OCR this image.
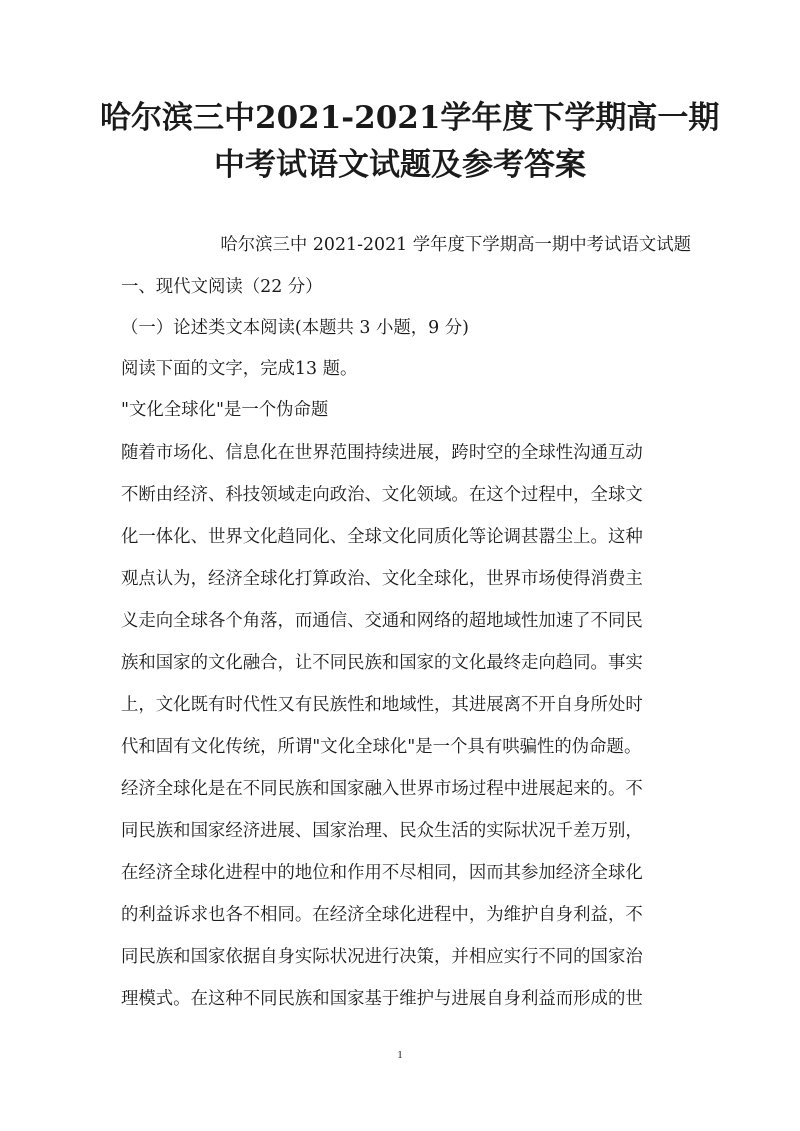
哈尔滨三中2021-2021学年度下学期高一期
中考试语文试题及参考答案

哈尔滨三中 2021-2021 学年度下学期高一期中考试语文试题

一、现代文阅读（22 分）

（一）论述类文本阅读(本题共 3 小题，9 分)

阅读下面的文字，完成13 题。

"文化全球化"是一个伪命题

随着市场化、信息化在世界范围持续进展，跨时空的全球性沟通互动

不断由经济、科技领域走向政治、文化领域。在这个过程中，全球文

化一体化、世界文化趋同化、全球文化同质化等论调甚嚣尘上。这种

观点认为，经济全球化打算政治、文化全球化，世界市场使得消费主

义走向全球各个角落，而通信、交通和网络的超地域性加速了不同民

族和国家的文化融合，让不同民族和国家的文化最终走向趋同。事实

上，文化既有时代性又有民族性和地域性，其进展离不开自身所处时

代和固有文化传统，所谓"文化全球化"是一个具有哄骗性的伪命题。

经济全球化是在不同民族和国家融入世界市场过程中进展起来的。不

同民族和国家经济进展、国家治理、民众生活的实际状况千差万别，

在经济全球化进程中的地位和作用不尽相同，因而其参加经济全球化

的利益诉求也各不相同。在经济全球化进程中，为维护自身利益，不

同民族和国家依据自身实际状况进行决策，并相应实行不同的国家治

理模式。在这种不同民族和国家基于维护与进展自身利益而形成的世

1
